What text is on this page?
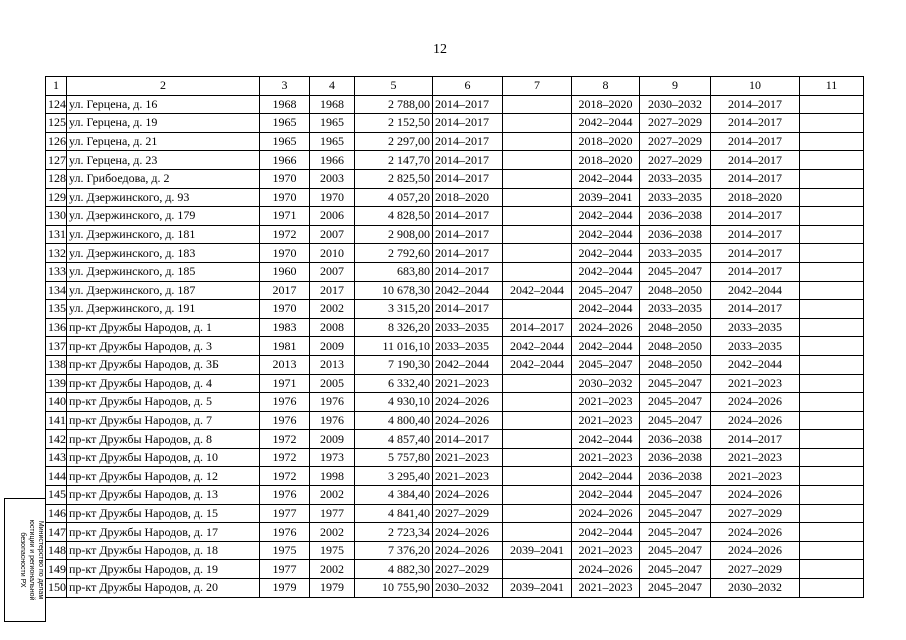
12
1	2	3	4	5	6	7	8	9	10	11
124	ул. Герцена, д. 16	1968	1968	2 788,00	2014–2017		2018–2020	2030–2032	2014–2017	
125	ул. Герцена, д. 19	1965	1965	2 152,50	2014–2017		2042–2044	2027–2029	2014–2017	
126	ул. Герцена, д. 21	1965	1965	2 297,00	2014–2017		2018–2020	2027–2029	2014–2017	
127	ул. Герцена, д. 23	1966	1966	2 147,70	2014–2017		2018–2020	2027–2029	2014–2017	
128	ул. Грибоедова, д. 2	1970	2003	2 825,50	2014–2017		2042–2044	2033–2035	2014–2017	
129	ул. Дзержинского, д. 93	1970	1970	4 057,20	2018–2020		2039–2041	2033–2035	2018–2020	
130	ул. Дзержинского, д. 179	1971	2006	4 828,50	2014–2017		2042–2044	2036–2038	2014–2017	
131	ул. Дзержинского, д. 181	1972	2007	2 908,00	2014–2017		2042–2044	2036–2038	2014–2017	
132	ул. Дзержинского, д. 183	1970	2010	2 792,60	2014–2017		2042–2044	2033–2035	2014–2017	
133	ул. Дзержинского, д. 185	1960	2007	683,80	2014–2017		2042–2044	2045–2047	2014–2017	
134	ул. Дзержинского, д. 187	2017	2017	10 678,30	2042–2044	2042–2044	2045–2047	2048–2050	2042–2044	
135	ул. Дзержинского, д. 191	1970	2002	3 315,20	2014–2017		2042–2044	2033–2035	2014–2017	
136	пр-кт Дружбы Народов, д. 1	1983	2008	8 326,20	2033–2035	2014–2017	2024–2026	2048–2050	2033–2035	
137	пр-кт Дружбы Народов, д. 3	1981	2009	11 016,10	2033–2035	2042–2044	2042–2044	2048–2050	2033–2035	
138	пр-кт Дружбы Народов, д. 3Б	2013	2013	7 190,30	2042–2044	2042–2044	2045–2047	2048–2050	2042–2044	
139	пр-кт Дружбы Народов, д. 4	1971	2005	6 332,40	2021–2023		2030–2032	2045–2047	2021–2023	
140	пр-кт Дружбы Народов, д. 5	1976	1976	4 930,10	2024–2026		2021–2023	2045–2047	2024–2026	
141	пр-кт Дружбы Народов, д. 7	1976	1976	4 800,40	2024–2026		2021–2023	2045–2047	2024–2026	
142	пр-кт Дружбы Народов, д. 8	1972	2009	4 857,40	2014–2017		2042–2044	2036–2038	2014–2017	
143	пр-кт Дружбы Народов, д. 10	1972	1973	5 757,80	2021–2023		2021–2023	2036–2038	2021–2023	
144	пр-кт Дружбы Народов, д. 12	1972	1998	3 295,40	2021–2023		2042–2044	2036–2038	2021–2023	
145	пр-кт Дружбы Народов, д. 13	1976	2002	4 384,40	2024–2026		2042–2044	2045–2047	2024–2026	
146	пр-кт Дружбы Народов, д. 15	1977	1977	4 841,40	2027–2029		2024–2026	2045–2047	2027–2029	
147	пр-кт Дружбы Народов, д. 17	1976	2002	2 723,34	2024–2026		2042–2044	2045–2047	2024–2026	
148	пр-кт Дружбы Народов, д. 18	1975	1975	7 376,20	2024–2026	2039–2041	2021–2023	2045–2047	2024–2026	
149	пр-кт Дружбы Народов, д. 19	1977	2002	4 882,30	2027–2029		2024–2026	2045–2047	2027–2029	
150	пр-кт Дружбы Народов, д. 20	1979	1979	10 755,90	2030–2032	2039–2041	2021–2023	2045–2047	2030–2032	
Министерство по делам
юстиции и региональной
безопасности РХ
